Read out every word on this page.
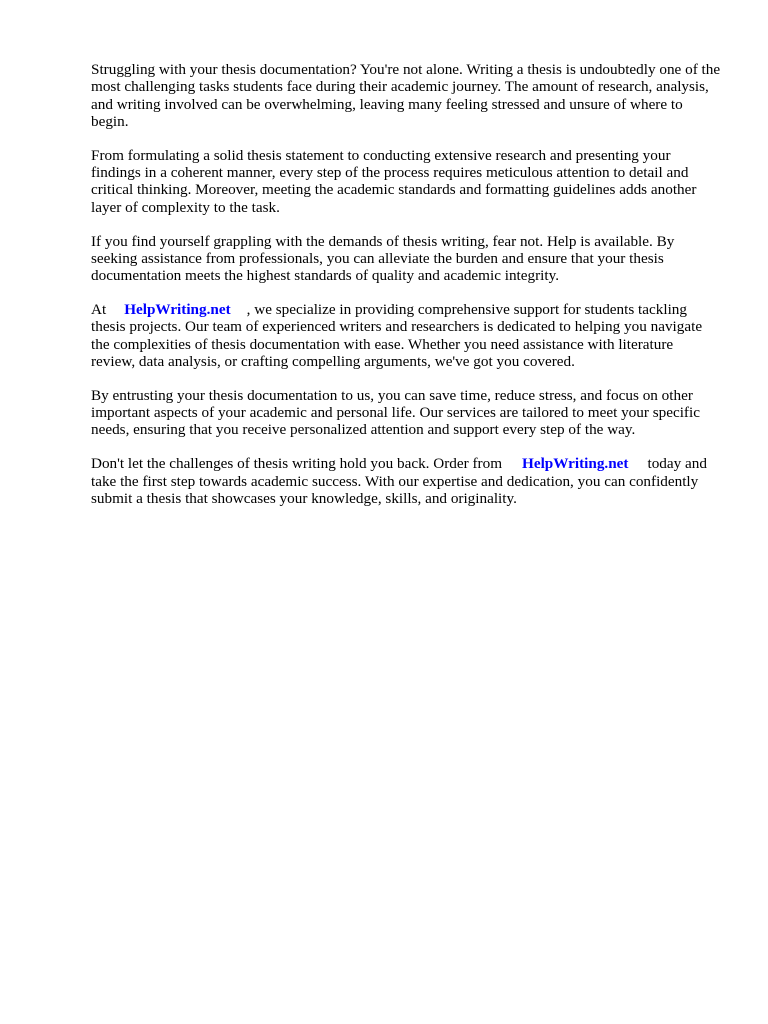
Struggling with your thesis documentation? You're not alone. Writing a thesis is undoubtedly one of the most challenging tasks students face during their academic journey. The amount of research, analysis, and writing involved can be overwhelming, leaving many feeling stressed and unsure of where to begin.

From formulating a solid thesis statement to conducting extensive research and presenting your findings in a coherent manner, every step of the process requires meticulous attention to detail and critical thinking. Moreover, meeting the academic standards and formatting guidelines adds another layer of complexity to the task.

If you find yourself grappling with the demands of thesis writing, fear not. Help is available. By seeking assistance from professionals, you can alleviate the burden and ensure that your thesis documentation meets the highest standards of quality and academic integrity.

At HelpWriting.net , we specialize in providing comprehensive support for students tackling thesis projects. Our team of experienced writers and researchers is dedicated to helping you navigate the complexities of thesis documentation with ease. Whether you need assistance with literature review, data analysis, or crafting compelling arguments, we've got you covered.

By entrusting your thesis documentation to us, you can save time, reduce stress, and focus on other important aspects of your academic and personal life. Our services are tailored to meet your specific needs, ensuring that you receive personalized attention and support every step of the way.

Don't let the challenges of thesis writing hold you back. Order from HelpWriting.net today and take the first step towards academic success. With our expertise and dedication, you can confidently submit a thesis that showcases your knowledge, skills, and originality.
